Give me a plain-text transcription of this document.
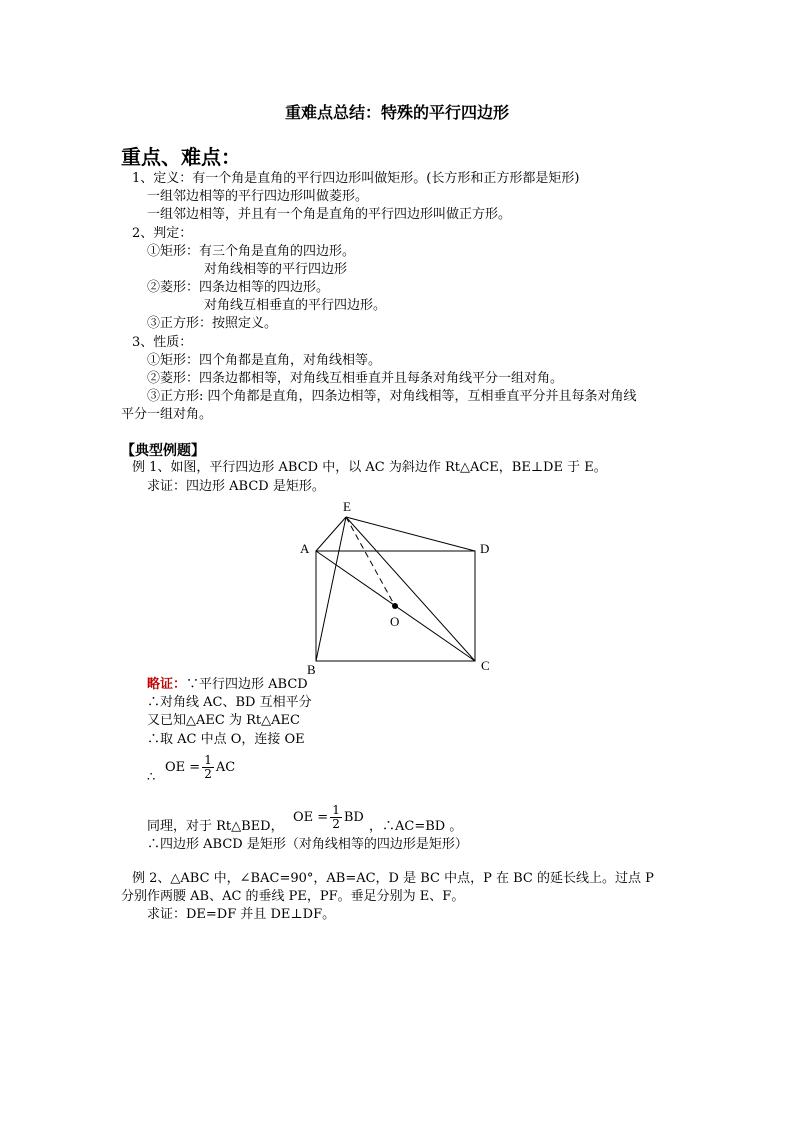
重难点总结：特殊的平行四边形
重点、难点：
1、定义：有一个角是直角的平行四边形叫做矩形。(长方形和正方形都是矩形)
一组邻边相等的平行四边形叫做菱形。
一组邻边相等，并且有一个角是直角的平行四边形叫做正方形。
2、判定：
①矩形：有三个角是直角的四边形。
对角线相等的平行四边形
②菱形：四条边相等的四边形。
对角线互相垂直的平行四边形。
③正方形：按照定义。
3、性质：
①矩形：四个角都是直角，对角线相等。
②菱形：四条边都相等，对角线互相垂直并且每条对角线平分一组对角。
③正方形: 四个角都是直角，四条边相等，对角线相等，互相垂直平分并且每条对角线
平分一组对角。
【典型例题】
例 1、如图，平行四边形 ABCD 中，以 AC 为斜边作 Rt△ACE，BE⊥DE 于 E。
求证：四边形 ABCD 是矩形。
E
A	D
O
B	C
略证：∵平行四边形 ABCD
∴对角线 AC、BD 互相平分
又已知△AEC 为 Rt△AEC
∴取 AC 中点 O，连接 OE
∴
OE = $\frac{1}{2}$ AC
同理，对于 Rt△BED，
OE = $\frac{1}{2}$ BD
，∴AC=BD 。
∴四边形 ABCD 是矩形（对角线相等的四边形是矩形）
例 2、△ABC 中，∠BAC=90°，AB=AC，D 是 BC 中点，P 在 BC 的延长线上。过点 P
分别作两腰 AB、AC 的垂线 PE，PF。垂足分别为 E、F。
求证：DE=DF 并且 DE⊥DF。
